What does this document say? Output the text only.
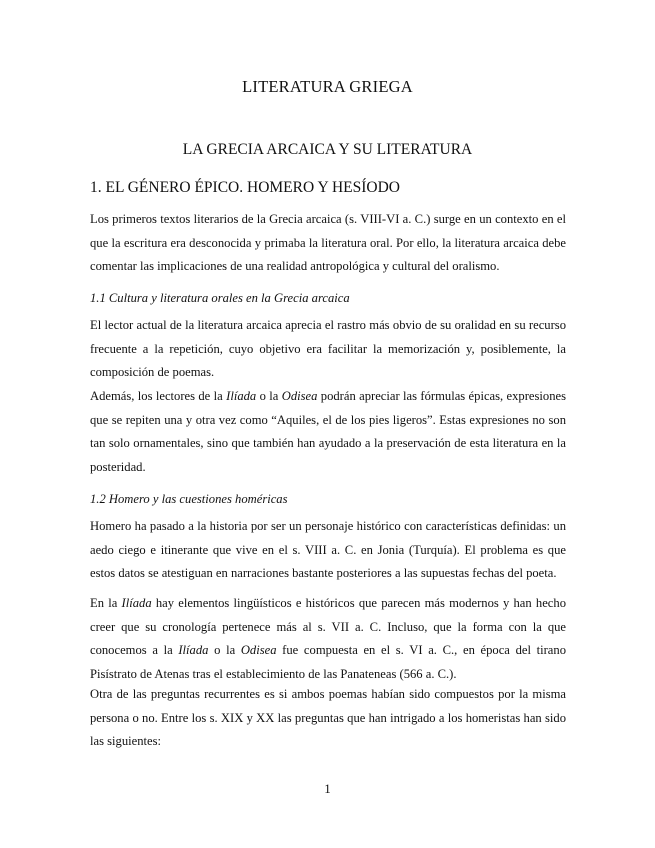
LITERATURA GRIEGA
LA GRECIA ARCAICA Y SU LITERATURA
1. EL GÉNERO ÉPICO. HOMERO Y HESÍODO

Los primeros textos literarios de la Grecia arcaica (s. VIII-VI a. C.) surge en un contexto en el que la escritura era desconocida y primaba la literatura oral. Por ello, la literatura arcaica debe comentar las implicaciones de una realidad antropológica y cultural del oralismo.

1.1 Cultura y literatura orales en la Grecia arcaica

El lector actual de la literatura arcaica aprecia el rastro más obvio de su oralidad en su recurso frecuente a la repetición, cuyo objetivo era facilitar la memorización y, posiblemente, la composición de poemas.

Además, los lectores de la Ilíada o la Odisea podrán apreciar las fórmulas épicas, expresiones que se repiten una y otra vez como “Aquiles, el de los pies ligeros”. Estas expresiones no son tan solo ornamentales, sino que también han ayudado a la preservación de esta literatura en la posteridad.

1.2 Homero y las cuestiones homéricas

Homero ha pasado a la historia por ser un personaje histórico con características definidas: un aedo ciego e itinerante que vive en el s. VIII a. C. en Jonia (Turquía). El problema es que estos datos se atestiguan en narraciones bastante posteriores a las supuestas fechas del poeta.

En la Ilíada hay elementos lingüísticos e históricos que parecen más modernos y han hecho creer que su cronología pertenece más al s. VII a. C. Incluso, que la forma con la que conocemos a la Ilíada o la Odisea fue compuesta en el s. VI a. C., en época del tirano Pisístrato de Atenas tras el establecimiento de las Panateneas (566 a. C.).

Otra de las preguntas recurrentes es si ambos poemas habían sido compuestos por la misma persona o no. Entre los s. XIX y XX las preguntas que han intrigado a los homeristas han sido las siguientes:

1
